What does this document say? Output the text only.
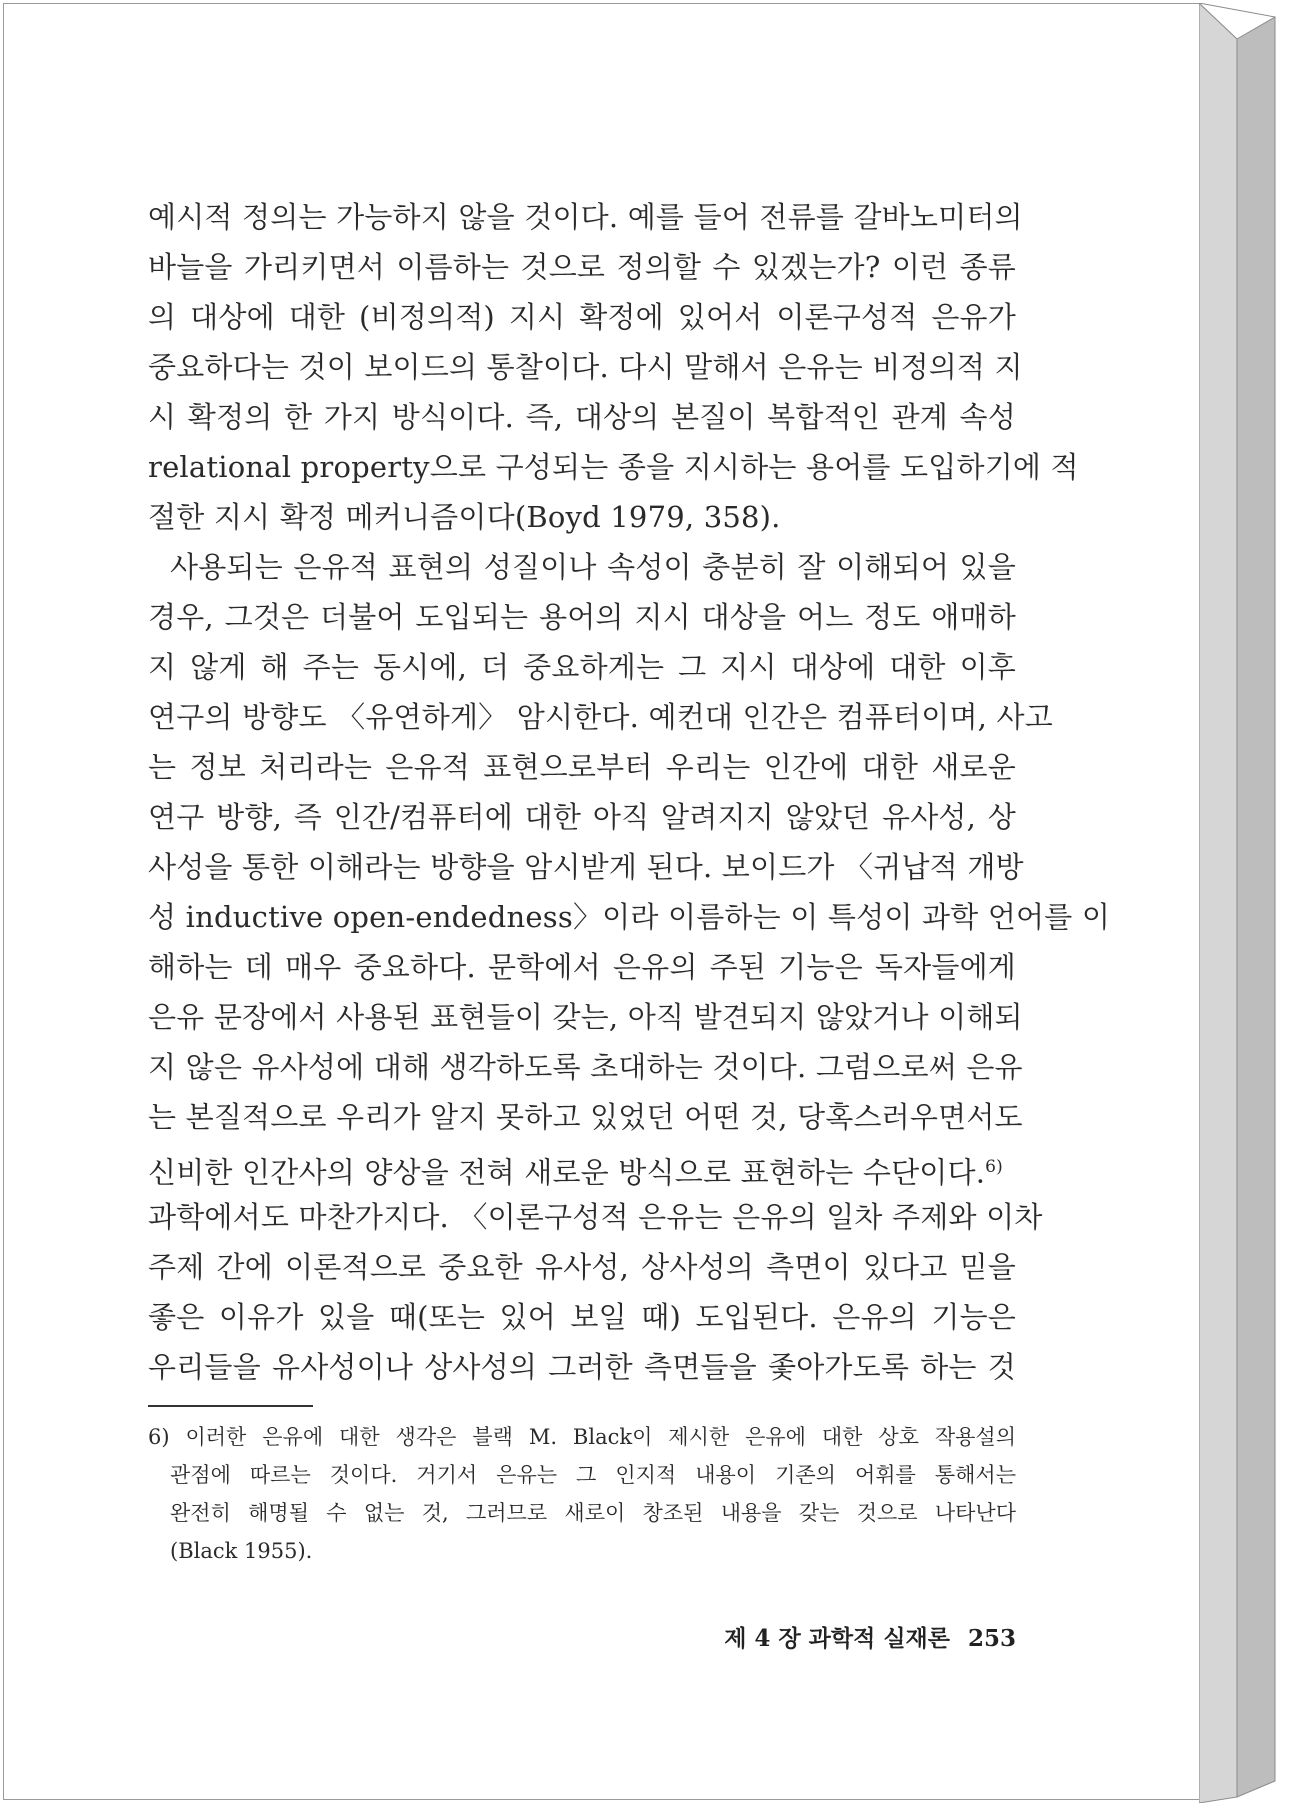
예시적 정의는 가능하지 않을 것이다. 예를 들어 전류를 갈바노미터의
바늘을 가리키면서 이름하는 것으로 정의할 수 있겠는가? 이런 종류
의 대상에 대한 (비정의적) 지시 확정에 있어서 이론구성적 은유가
중요하다는 것이 보이드의 통찰이다. 다시 말해서 은유는 비정의적 지
시 확정의 한 가지 방식이다. 즉, 대상의 본질이 복합적인 관계 속성
relational property으로 구성되는 종을 지시하는 용어를 도입하기에 적
절한 지시 확정 메커니즘이다(Boyd 1979, 358).
사용되는 은유적 표현의 성질이나 속성이 충분히 잘 이해되어 있을
경우, 그것은 더불어 도입되는 용어의 지시 대상을 어느 정도 애매하
지 않게 해 주는 동시에, 더 중요하게는 그 지시 대상에 대한 이후
연구의 방향도 〈유연하게〉 암시한다. 예컨대 인간은 컴퓨터이며, 사고
는 정보 처리라는 은유적 표현으로부터 우리는 인간에 대한 새로운
연구 방향, 즉 인간/컴퓨터에 대한 아직 알려지지 않았던 유사성, 상
사성을 통한 이해라는 방향을 암시받게 된다. 보이드가 〈귀납적 개방
성 inductive open-endedness〉이라 이름하는 이 특성이 과학 언어를 이
해하는 데 매우 중요하다. 문학에서 은유의 주된 기능은 독자들에게
은유 문장에서 사용된 표현들이 갖는, 아직 발견되지 않았거나 이해되
지 않은 유사성에 대해 생각하도록 초대하는 것이다. 그럼으로써 은유
는 본질적으로 우리가 알지 못하고 있었던 어떤 것, 당혹스러우면서도
신비한 인간사의 양상을 전혀 새로운 방식으로 표현하는 수단이다.$^{6)}$
과학에서도 마찬가지다. 〈이론구성적 은유는 은유의 일차 주제와 이차
주제 간에 이론적으로 중요한 유사성, 상사성의 측면이 있다고 믿을
좋은 이유가 있을 때(또는 있어 보일 때) 도입된다. 은유의 기능은
우리들을 유사성이나 상사성의 그러한 측면들을 좇아가도록 하는 것
6) 이러한 은유에 대한 생각은 블랙 M. Black이 제시한 은유에 대한 상호 작용설의
관점에 따르는 것이다. 거기서 은유는 그 인지적 내용이 기존의 어휘를 통해서는
완전히 해명될 수 없는 것, 그러므로 새로이 창조된 내용을 갖는 것으로 나타난다
(Black 1955).
제 4 장 과학적 실재론 253
